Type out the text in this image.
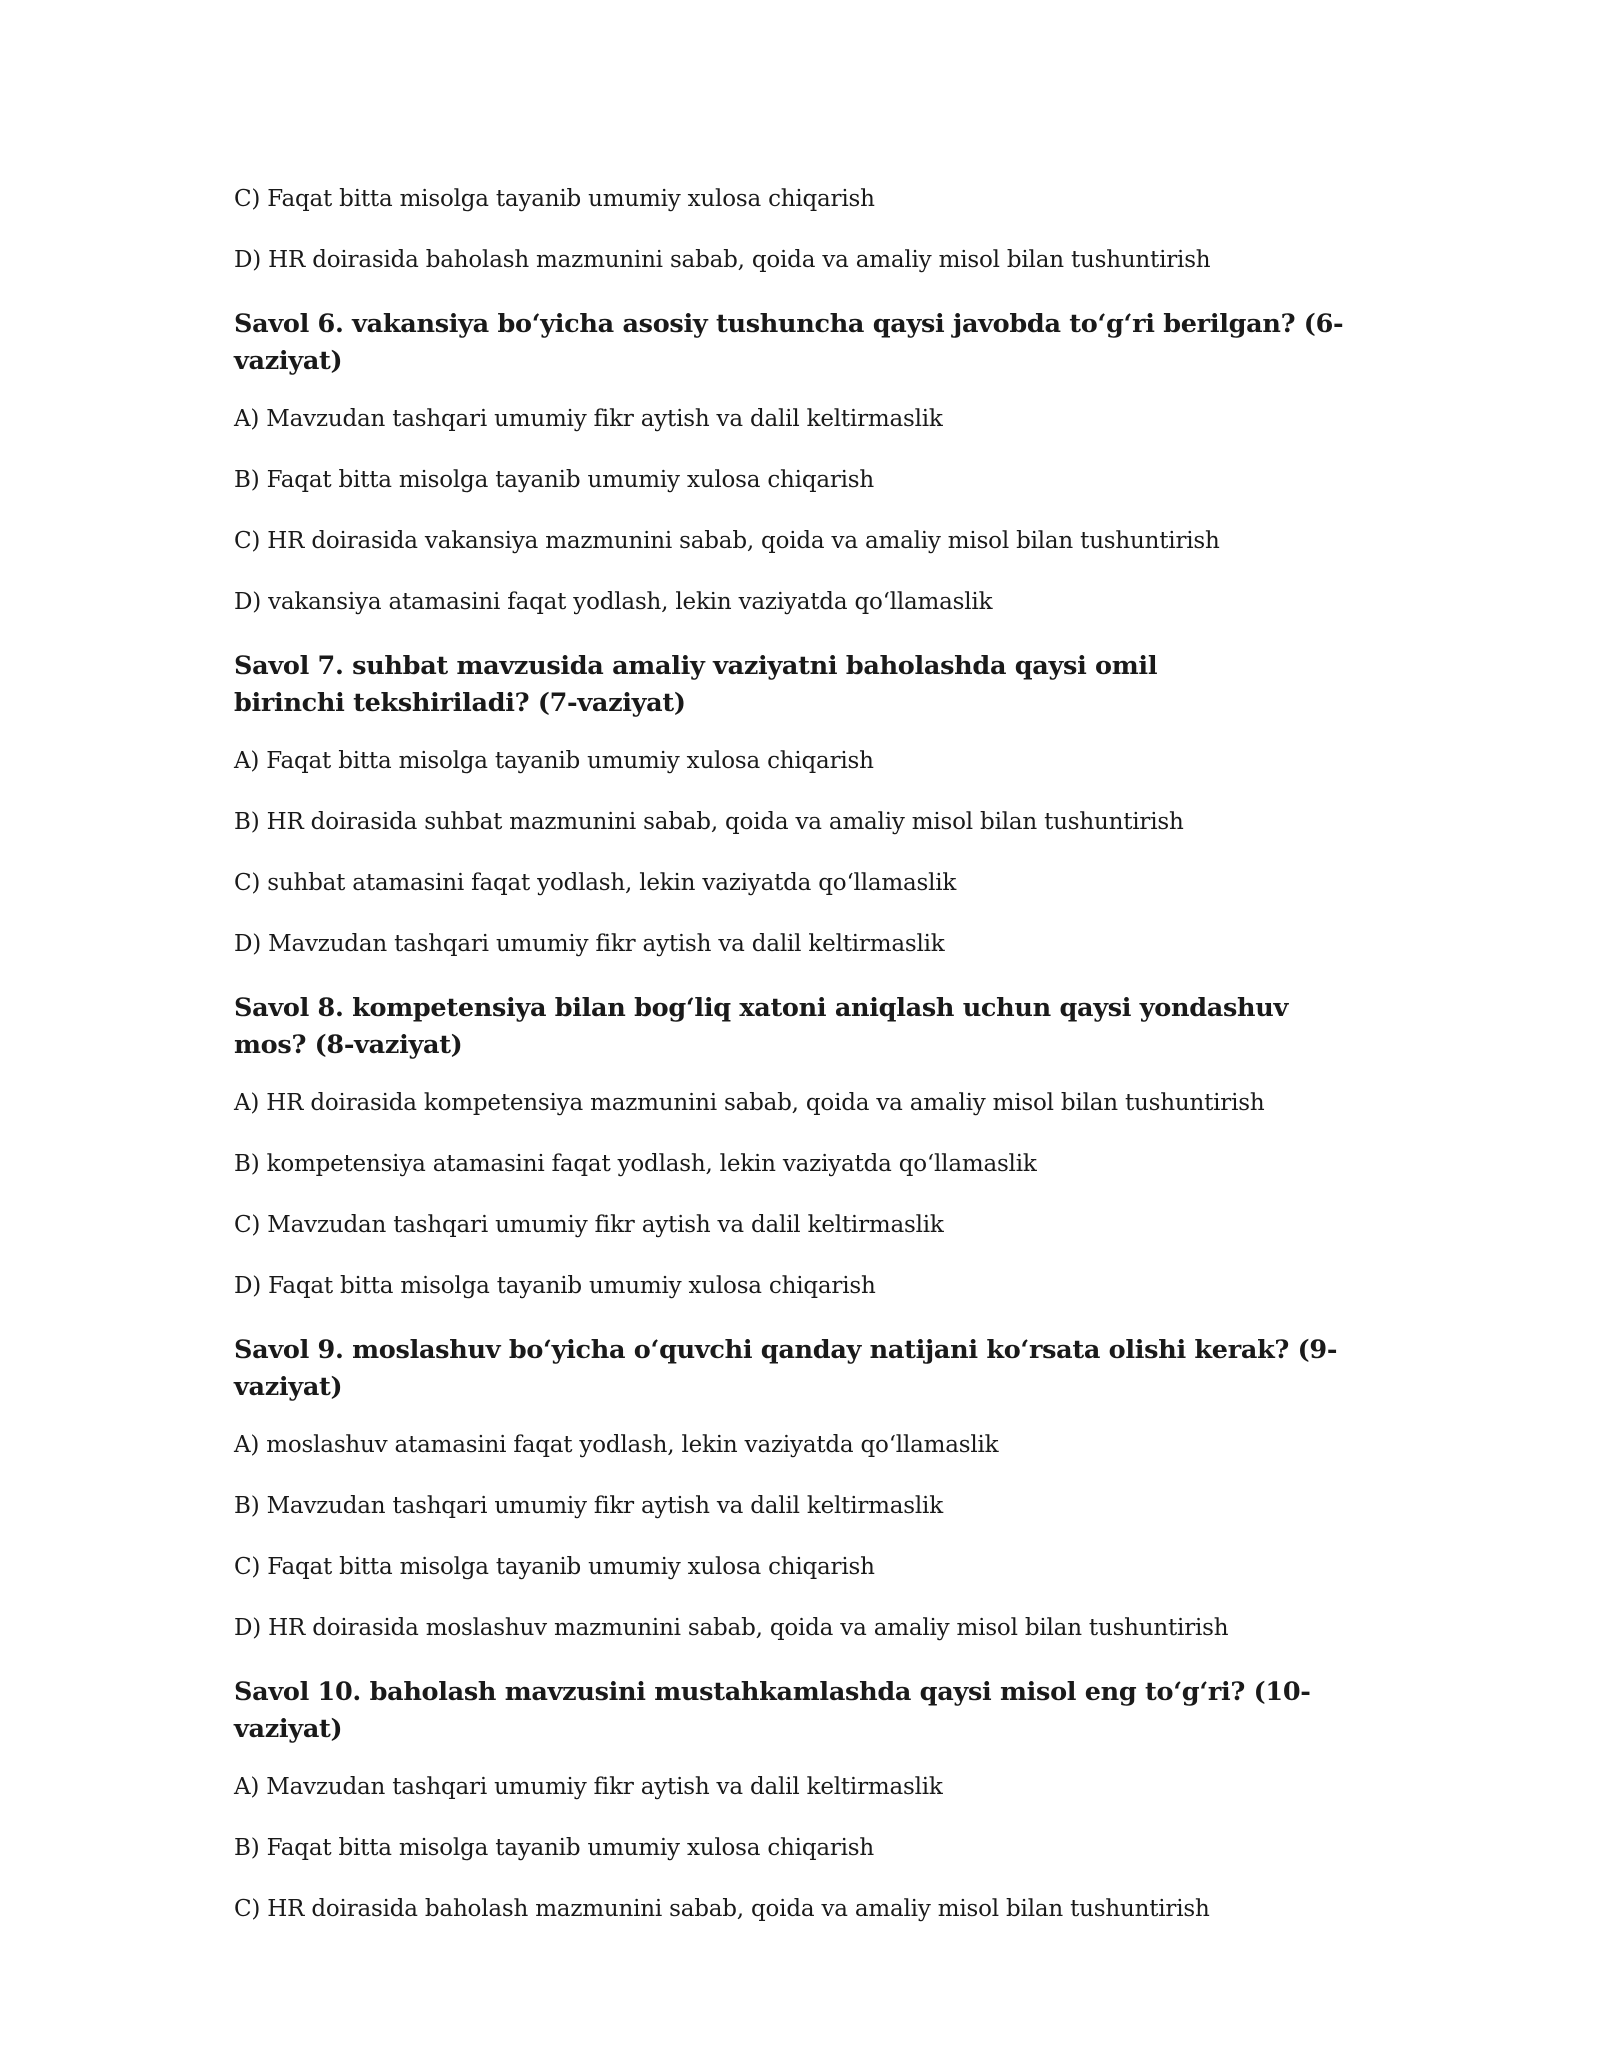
C) Faqat bitta misolga tayanib umumiy xulosa chiqarish

D) HR doirasida baholash mazmunini sabab, qoida va amaliy misol bilan tushuntirish

Savol 6. vakansiya bo‘yicha asosiy tushuncha qaysi javobda to‘g‘ri berilgan? (6-vaziyat)

A) Mavzudan tashqari umumiy fikr aytish va dalil keltirmaslik

B) Faqat bitta misolga tayanib umumiy xulosa chiqarish

C) HR doirasida vakansiya mazmunini sabab, qoida va amaliy misol bilan tushuntirish

D) vakansiya atamasini faqat yodlash, lekin vaziyatda qo‘llamaslik

Savol 7. suhbat mavzusida amaliy vaziyatni baholashda qaysi omil birinchi tekshiriladi? (7-vaziyat)

A) Faqat bitta misolga tayanib umumiy xulosa chiqarish

B) HR doirasida suhbat mazmunini sabab, qoida va amaliy misol bilan tushuntirish

C) suhbat atamasini faqat yodlash, lekin vaziyatda qo‘llamaslik

D) Mavzudan tashqari umumiy fikr aytish va dalil keltirmaslik

Savol 8. kompetensiya bilan bog‘liq xatoni aniqlash uchun qaysi yondashuv mos? (8-vaziyat)

A) HR doirasida kompetensiya mazmunini sabab, qoida va amaliy misol bilan tushuntirish

B) kompetensiya atamasini faqat yodlash, lekin vaziyatda qo‘llamaslik

C) Mavzudan tashqari umumiy fikr aytish va dalil keltirmaslik

D) Faqat bitta misolga tayanib umumiy xulosa chiqarish

Savol 9. moslashuv bo‘yicha o‘quvchi qanday natijani ko‘rsata olishi kerak? (9-vaziyat)

A) moslashuv atamasini faqat yodlash, lekin vaziyatda qo‘llamaslik

B) Mavzudan tashqari umumiy fikr aytish va dalil keltirmaslik

C) Faqat bitta misolga tayanib umumiy xulosa chiqarish

D) HR doirasida moslashuv mazmunini sabab, qoida va amaliy misol bilan tushuntirish

Savol 10. baholash mavzusini mustahkamlashda qaysi misol eng to‘g‘ri? (10-vaziyat)

A) Mavzudan tashqari umumiy fikr aytish va dalil keltirmaslik

B) Faqat bitta misolga tayanib umumiy xulosa chiqarish

C) HR doirasida baholash mazmunini sabab, qoida va amaliy misol bilan tushuntirish
